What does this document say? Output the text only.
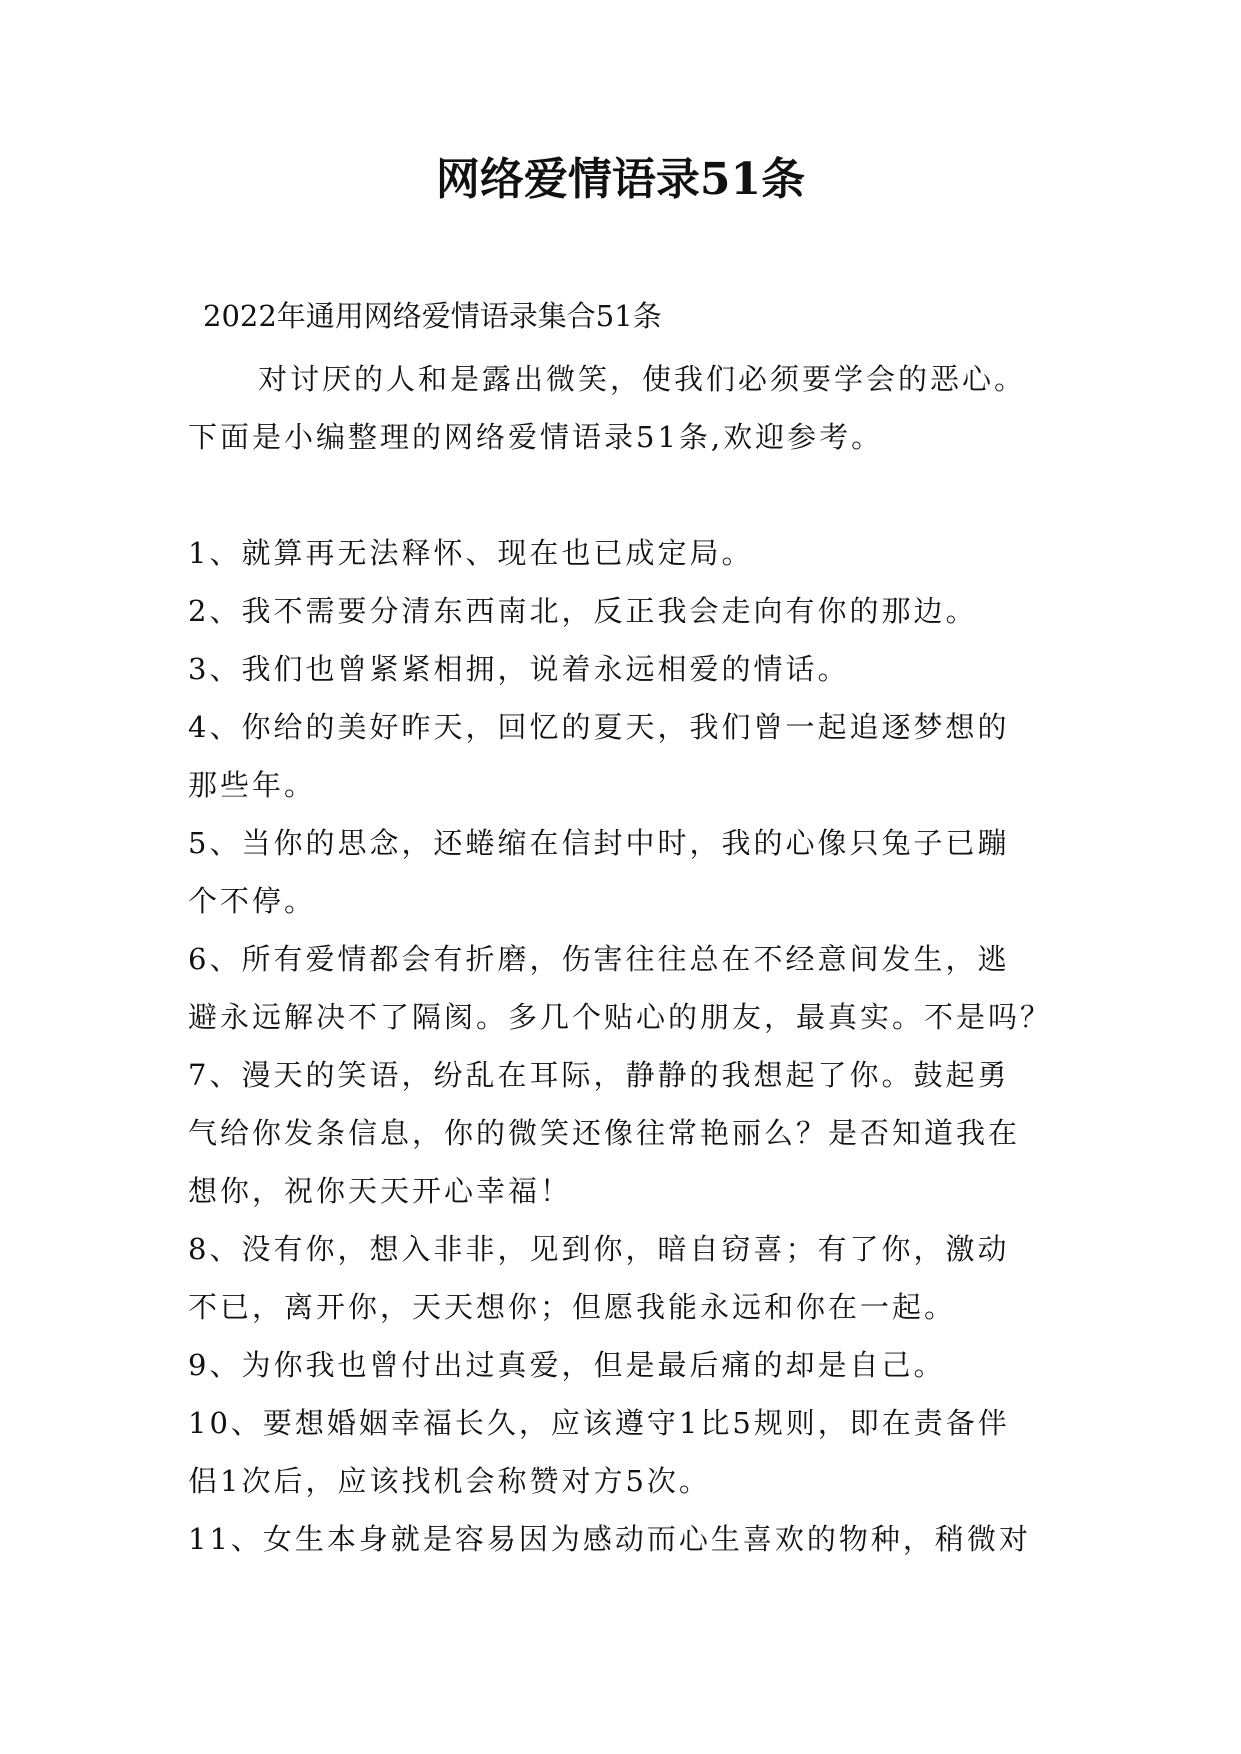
网络爱情语录51条
2022年通用网络爱情语录集合51条
对讨厌的人和是露出微笑，使我们必须要学会的恶心。
下面是小编整理的网络爱情语录51条,欢迎参考。
1、就算再无法释怀、现在也已成定局。
2、我不需要分清东西南北，反正我会走向有你的那边。
3、我们也曾紧紧相拥，说着永远相爱的情话。
4、你给的美好昨天，回忆的夏天，我们曾一起追逐梦想的
那些年。
5、当你的思念，还蜷缩在信封中时，我的心像只兔子已蹦
个不停。
6、所有爱情都会有折磨，伤害往往总在不经意间发生，逃
避永远解决不了隔阂。多几个贴心的朋友，最真实。不是吗？
7、漫天的笑语，纷乱在耳际，静静的我想起了你。鼓起勇
气给你发条信息，你的微笑还像往常艳丽么？是否知道我在
想你，祝你天天开心幸福！
8、没有你，想入非非，见到你，暗自窃喜；有了你，激动
不已，离开你，天天想你；但愿我能永远和你在一起。
9、为你我也曾付出过真爱，但是最后痛的却是自己。
10、要想婚姻幸福长久，应该遵守1比5规则，即在责备伴
侣1次后，应该找机会称赞对方5次。
11、女生本身就是容易因为感动而心生喜欢的物种，稍微对
